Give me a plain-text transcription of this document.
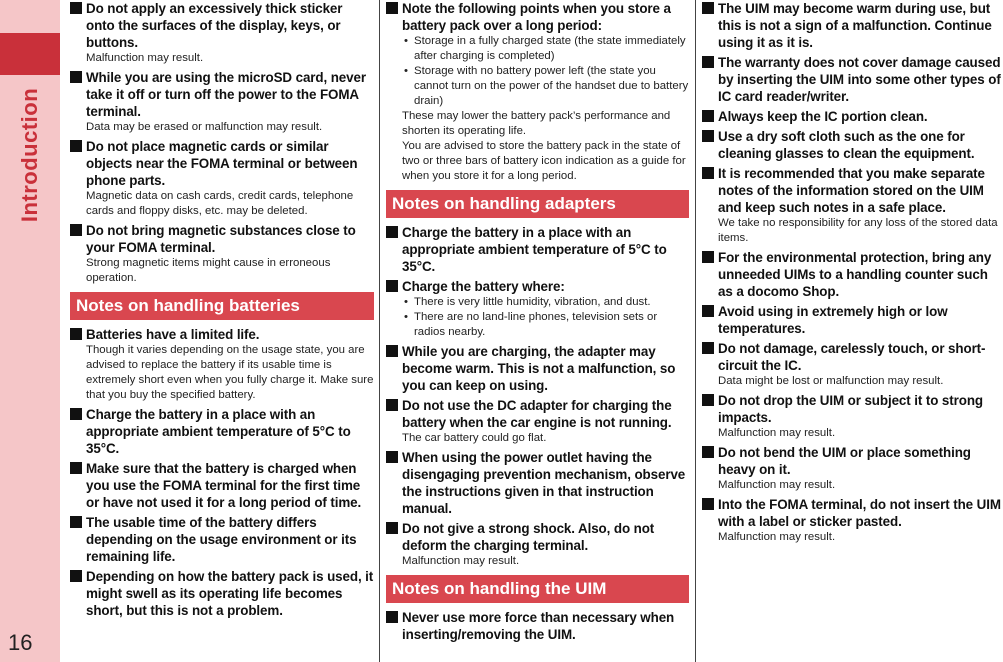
Introduction
16
Do not apply an excessively thick sticker onto the surfaces of the display, keys, or buttons.

Malfunction may result.

While you are using the microSD card, never take it off or turn off the power to the FOMA terminal.

Data may be erased or malfunction may result.

Do not place magnetic cards or similar objects near the FOMA terminal or between phone parts.

Magnetic data on cash cards, credit cards, telephone cards and floppy disks, etc. may be deleted.

Do not bring magnetic substances close to your FOMA terminal.

Strong magnetic items might cause in erroneous operation.

Notes on handling batteries
Batteries have a limited life.

Though it varies depending on the usage state, you are advised to replace the battery if its usable time is extremely short even when you fully charge it. Make sure that you buy the specified battery.

Charge the battery in a place with an appropriate ambient temperature of 5°C to 35°C.
Make sure that the battery is charged when you use the FOMA terminal for the first time or have not used it for a long period of time.
The usable time of the battery differs depending on the usage environment or its remaining life.
Depending on how the battery pack is used, it might swell as its operating life becomes short, but this is not a problem.
Note the following points when you store a battery pack over a long period:
• Storage in a fully charged state (the state immediately after charging is completed)
• Storage with no battery power left (the state you cannot turn on the power of the handset due to battery drain)

These may lower the battery pack’s performance and shorten its operating life.

You are advised to store the battery pack in the state of two or three bars of battery icon indication as a guide for when you store it for a long period.

Notes on handling adapters
Charge the battery in a place with an appropriate ambient temperature of 5°C to 35°C.
Charge the battery where:
• There is very little humidity, vibration, and dust.
• There are no land-line phones, television sets or radios nearby.
While you are charging, the adapter may become warm. This is not a malfunction, so you can keep on using.
Do not use the DC adapter for charging the battery when the car engine is not running.

The car battery could go flat.

When using the power outlet having the disengaging prevention mechanism, observe the instructions given in that instruction manual.
Do not give a strong shock. Also, do not deform the charging terminal.

Malfunction may result.

Notes on handling the UIM
Never use more force than necessary when inserting/removing the UIM.
The UIM may become warm during use, but this is not a sign of a malfunction. Continue using it as it is.
The warranty does not cover damage caused by inserting the UIM into some other types of IC card reader/writer.
Always keep the IC portion clean.
Use a dry soft cloth such as the one for cleaning glasses to clean the equipment.
It is recommended that you make separate notes of the information stored on the UIM and keep such notes in a safe place.

We take no responsibility for any loss of the stored data items.

For the environmental protection, bring any unneeded UIMs to a handling counter such as a docomo Shop.
Avoid using in extremely high or low temperatures.
Do not damage, carelessly touch, or short-circuit the IC.

Data might be lost or malfunction may result.

Do not drop the UIM or subject it to strong impacts.

Malfunction may result.

Do not bend the UIM or place something heavy on it.

Malfunction may result.

Into the FOMA terminal, do not insert the UIM with a label or sticker pasted.

Malfunction may result.
